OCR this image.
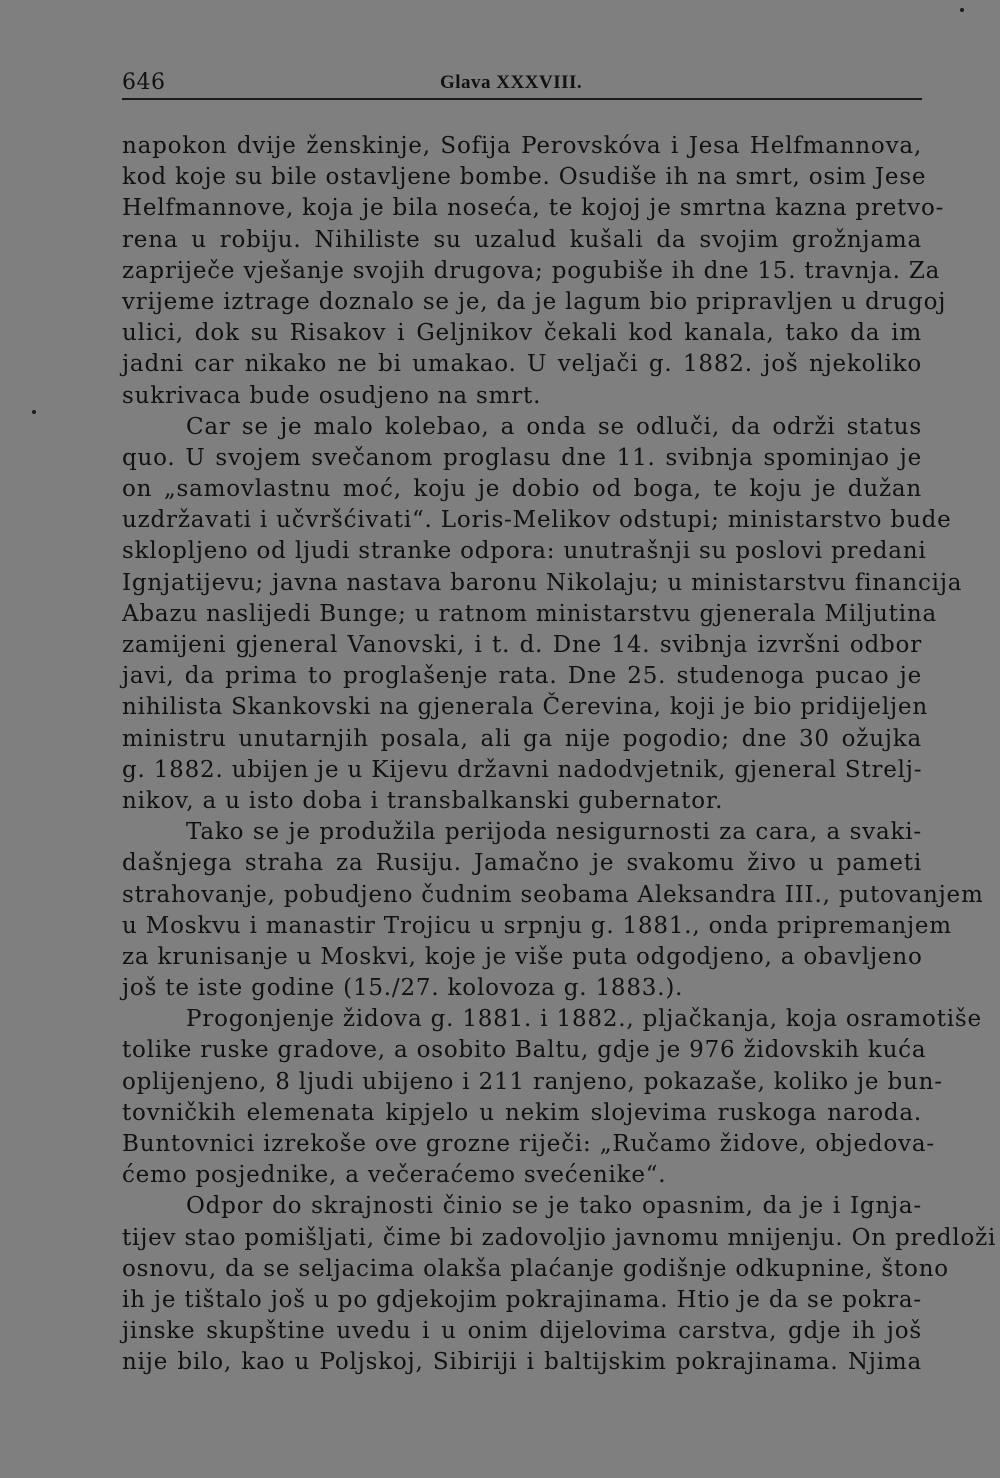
646	Glava XXXVIII.
napokon dvije ženskinje, Sofija Perovskóva i Jesa Helfmannova,
kod koje su bile ostavljene bombe. Osudiše ih na smrt, osim Jese
Helfmannove, koja je bila noseća, te kojoj je smrtna kazna pretvo-
rena u robiju. Nihiliste su uzalud kušali da svojim grožnjama
zapriječe vješanje svojih drugova; pogubiše ih dne 15. travnja. Za
vrijeme iztrage doznalo se je, da je lagum bio pripravljen u drugoj
ulici, dok su Risakov i Geljnikov čekali kod kanala, tako da im
jadni car nikako ne bi umakao. U veljači g. 1882. još njekoliko
sukrivaca bude osudjeno na smrt.
Car se je malo kolebao, a onda se odluči, da održi status
quo. U svojem svečanom proglasu dne 11. svibnja spominjao je
on „samovlastnu moć, koju je dobio od boga, te koju je dužan
uzdržavati i učvršćivati“. Loris-Melikov odstupi; ministarstvo bude
sklopljeno od ljudi stranke odpora: unutrašnji su poslovi predani
Ignjatijevu; javna nastava baronu Nikolaju; u ministarstvu financija
Abazu naslijedi Bunge; u ratnom ministarstvu gjenerala Miljutina
zamijeni gjeneral Vanovski, i t. d. Dne 14. svibnja izvršni odbor
javi, da prima to proglašenje rata. Dne 25. studenoga pucao je
nihilista Skankovski na gjenerala Čerevina, koji je bio pridijeljen
ministru unutarnjih posala, ali ga nije pogodio; dne 30 ožujka
g. 1882. ubijen je u Kijevu državni nadodvjetnik, gjeneral Strelj-
nikov, a u isto doba i transbalkanski gubernator.
Tako se je produžila perijoda nesigurnosti za cara, a svaki-
dašnjega straha za Rusiju. Jamačno je svakomu živo u pameti
strahovanje, pobudjeno čudnim seobama Aleksandra III., putovanjem
u Moskvu i manastir Trojicu u srpnju g. 1881., onda pripremanjem
za krunisanje u Moskvi, koje je više puta odgodjeno, a obavljeno
još te iste godine (15./27. kolovoza g. 1883.).
Progonjenje židova g. 1881. i 1882., pljačkanja, koja osramotiše
tolike ruske gradove, a osobito Baltu, gdje je 976 židovskih kuća
oplijenjeno, 8 ljudi ubijeno i 211 ranjeno, pokazaše, koliko je bun-
tovničkih elemenata kipjelo u nekim slojevima ruskoga naroda.
Buntovnici izrekoše ove grozne riječi: „Ručamo židove, objedova-
ćemo posjednike, a večeraćemo svećenike“.
Odpor do skrajnosti činio se je tako opasnim, da je i Ignja-
tijev stao pomišljati, čime bi zadovoljio javnomu mnijenju. On predloži
osnovu, da se seljacima olakša plaćanje godišnje odkupnine, štono
ih je tištalo još u po gdjekojim pokrajinama. Htio je da se pokra-
jinske skupštine uvedu i u onim dijelovima carstva, gdje ih još
nije bilo, kao u Poljskoj, Sibiriji i baltijskim pokrajinama. Njima
